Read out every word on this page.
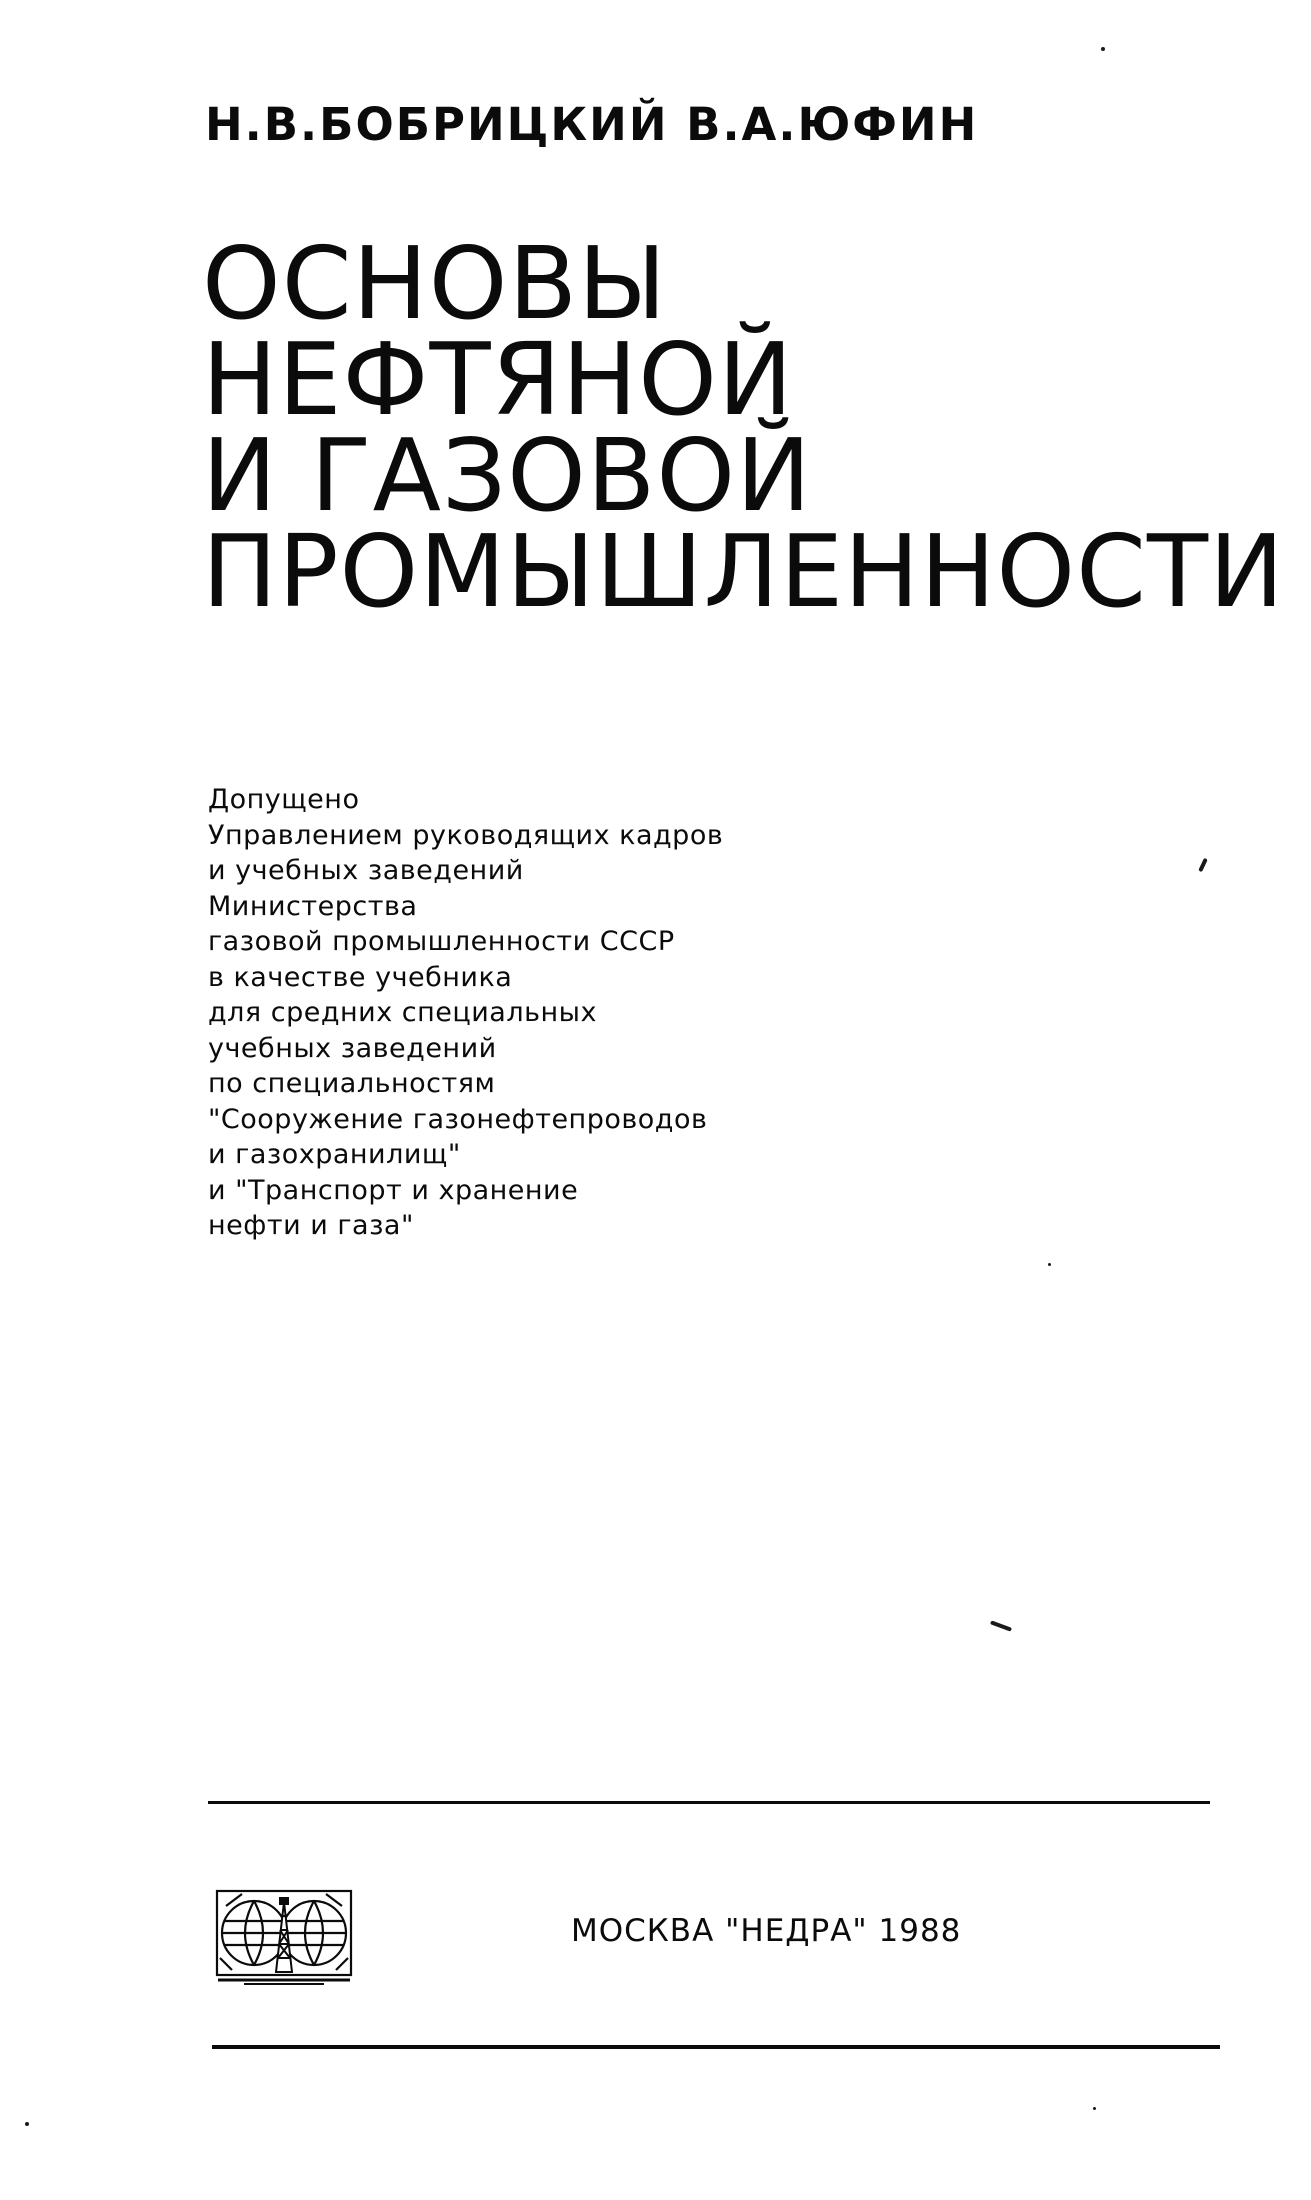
Н.В.БОБРИЦКИЙ В.А.ЮФИН
ОСНОВЫ
НЕФТЯНОЙ
И ГАЗОВОЙ
ПРОМЫШЛЕННОСТИ
Допущено
Управлением руководящих кадров
и учебных заведений
Министерства
газовой промышленности СССР
в качестве учебника
для средних специальных
учебных заведений
по специальностям
"Сооружение газонефтепроводов
и газохранилищ"
и "Транспорт и хранение
нефти и газа"
МОСКВА "НЕДРА" 1988
